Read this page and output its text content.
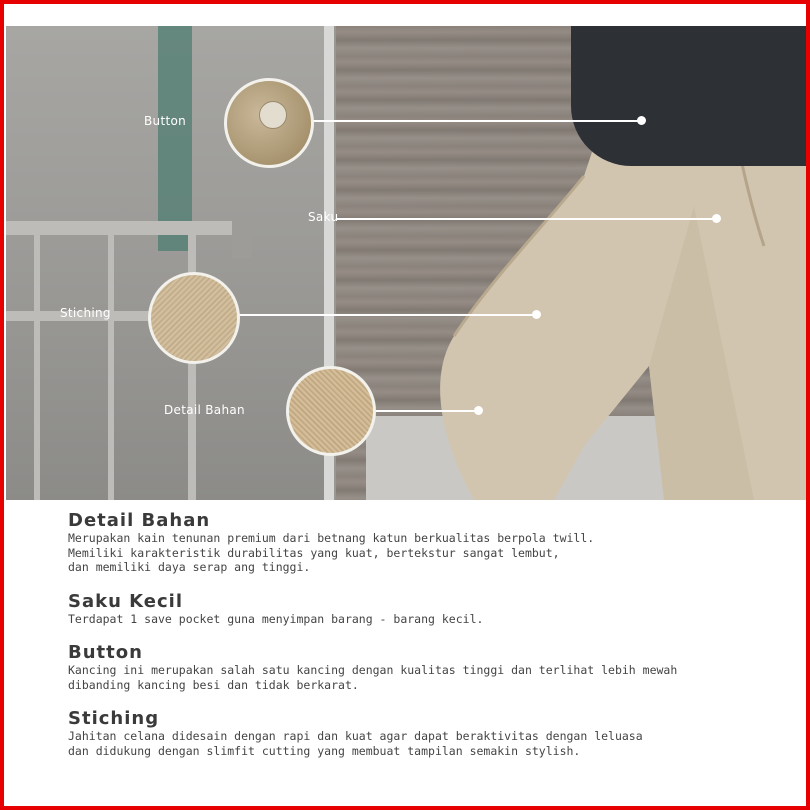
Button
Saku
Stiching
Detail Bahan
Detail Bahan

Merupakan kain tenunan premium dari betnang katun berkualitas berpola twill.
Memiliki karakteristik durabilitas yang kuat, bertekstur sangat lembut,
dan memiliki daya serap ang tinggi.

Saku Kecil

Terdapat 1 save pocket guna menyimpan barang - barang kecil.

Button

Kancing ini merupakan salah satu kancing dengan kualitas tinggi dan terlihat lebih mewah
dibanding kancing besi dan tidak berkarat.

Stiching

Jahitan celana didesain dengan rapi dan kuat agar dapat beraktivitas dengan leluasa
dan didukung dengan slimfit cutting yang membuat tampilan semakin stylish.
